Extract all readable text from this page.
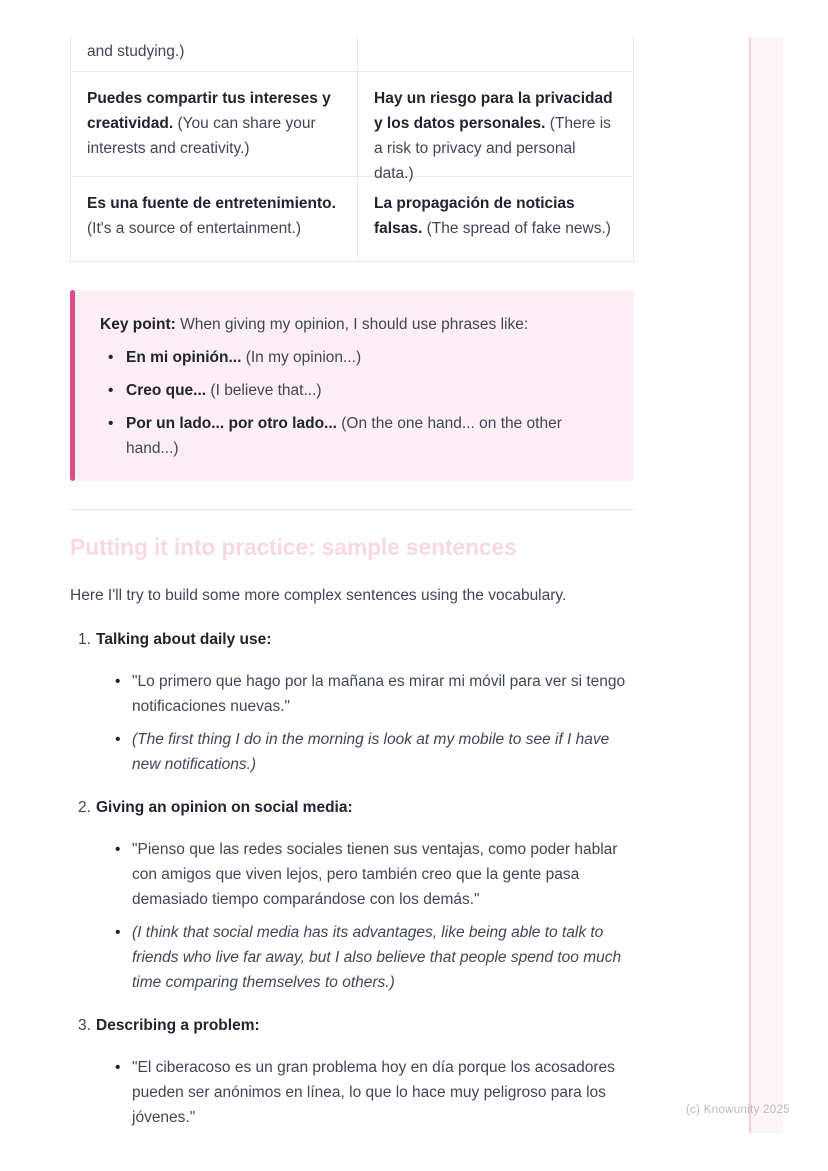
and studying.)
Puedes compartir tus intereses y creatividad. (You can share your interests and creativity.)
Hay un riesgo para la privacidad y los datos personales. (There is a risk to privacy and personal data.)
Es una fuente de entretenimiento. (It's a source of entertainment.)
La propagación de noticias falsas. (The spread of fake news.)

Key point: When giving my opinion, I should use phrases like:

• En mi opinión... (In my opinion...)
• Creo que... (I believe that...)
• Por un lado... por otro lado... (On the one hand... on the other hand...)
Putting it into practice: sample sentences

Here I'll try to build some more complex sentences using the vocabulary.

1. Talking about daily use:
• "Lo primero que hago por la mañana es mirar mi móvil para ver si tengo notificaciones nuevas."
• (The first thing I do in the morning is look at my mobile to see if I have new notifications.)
2. Giving an opinion on social media:
• "Pienso que las redes sociales tienen sus ventajas, como poder hablar con amigos que viven lejos, pero también creo que la gente pasa demasiado tiempo comparándose con los demás."
• (I think that social media has its advantages, like being able to talk to friends who live far away, but I also believe that people spend too much time comparing themselves to others.)
3. Describing a problem:
• "El ciberacoso es un gran problema hoy en día porque los acosadores pueden ser anónimos en línea, lo que lo hace muy peligroso para los jóvenes."	(c) Knowunity 2025
